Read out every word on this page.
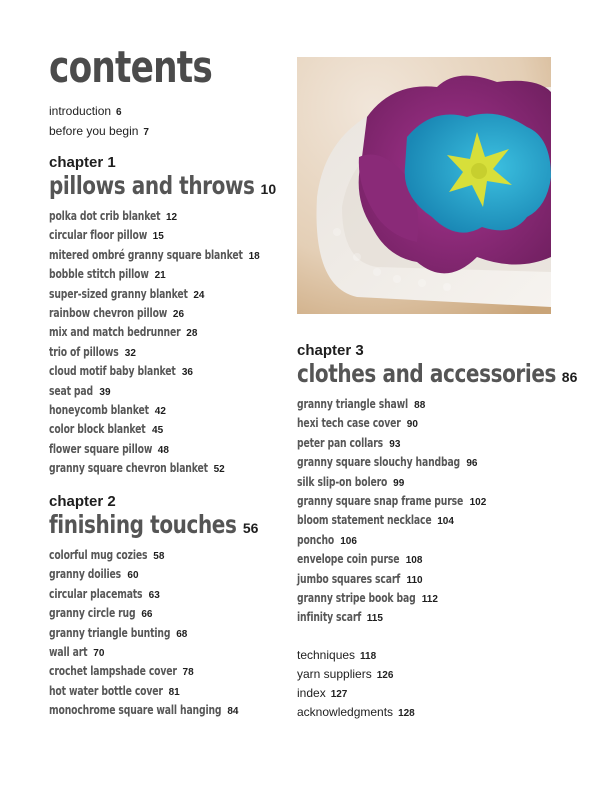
contents
introduction 6
before you begin 7
chapter 1
pillows and throws 10
polka dot crib blanket 12
circular floor pillow 15
mitered ombré granny square blanket 18
bobble stitch pillow 21
super-sized granny blanket 24
rainbow chevron pillow 26
mix and match bedrunner 28
trio of pillows 32
cloud motif baby blanket 36
seat pad 39
honeycomb blanket 42
color block blanket 45
flower square pillow 48
granny square chevron blanket 52
chapter 2
finishing touches 56
colorful mug cozies 58
granny doilies 60
circular placemats 63
granny circle rug 66
granny triangle bunting 68
wall art 70
crochet lampshade cover 78
hot water bottle cover 81
monochrome square wall hanging 84
chapter 3
clothes and accessories 86
granny triangle shawl 88
hexi tech case cover 90
peter pan collars 93
granny square slouchy handbag 96
silk slip-on bolero 99
granny square snap frame purse 102
bloom statement necklace 104
poncho 106
envelope coin purse 108
jumbo squares scarf 110
granny stripe book bag 112
infinity scarf 115
techniques 118
yarn suppliers 126
index 127
acknowledgments 128
